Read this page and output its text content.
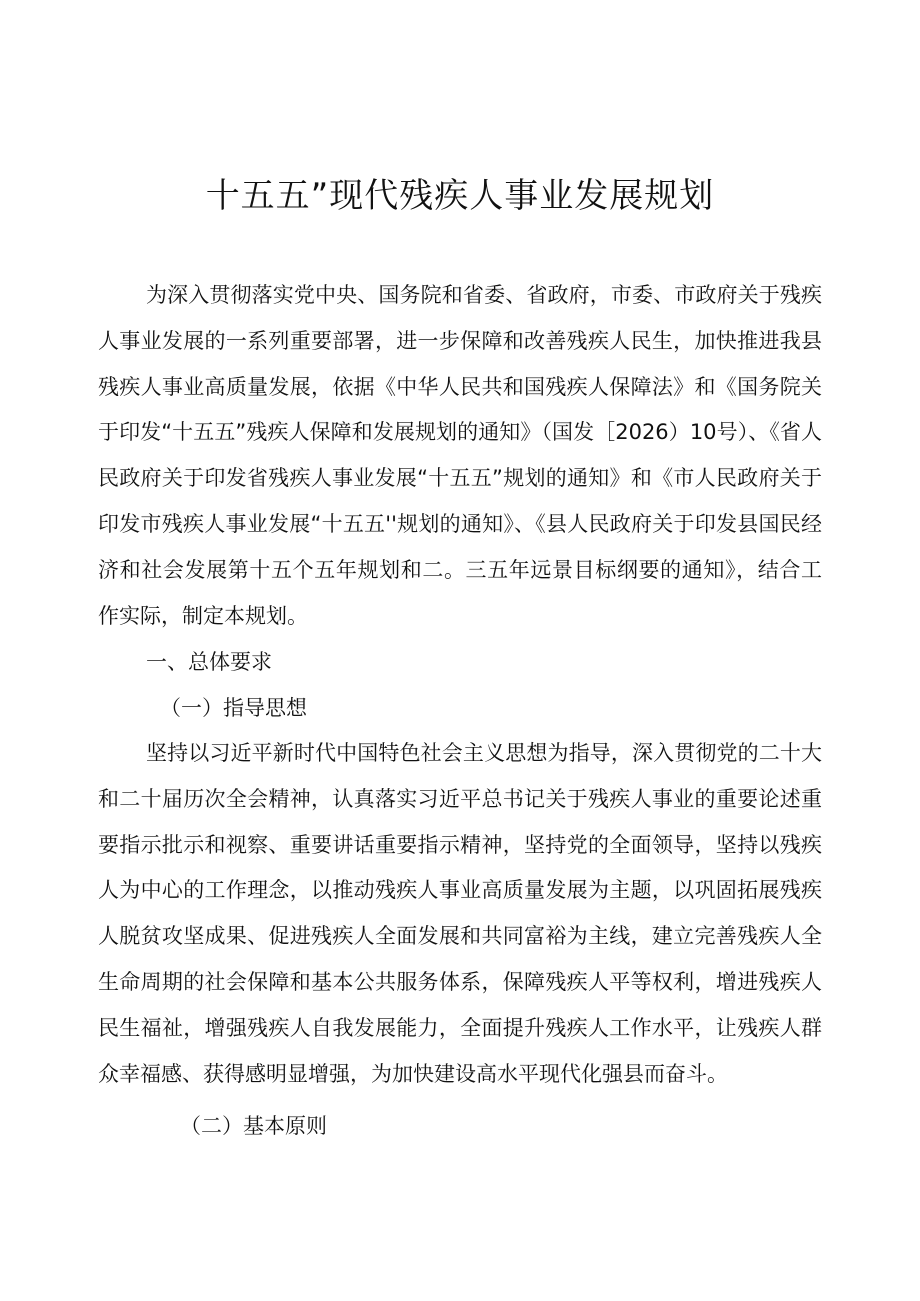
十五五”现代残疾人事业发展规划

为深入贯彻落实党中央、国务院和省委、省政府，市委、市政府关于残疾人事业发展的一系列重要部署，进一步保障和改善残疾人民生，加快推进我县残疾人事业高质量发展，依据《中华人民共和国残疾人保障法》和《国务院关于印发“十五五”残疾人保障和发展规划的通知》（国发［2026）10号）、《省人民政府关于印发省残疾人事业发展“十五五”规划的通知》和《市人民政府关于印发市残疾人事业发展“十五五''规划的通知》、《县人民政府关于印发县国民经济和社会发展第十五个五年规划和二。三五年远景目标纲要的通知》，结合工作实际，制定本规划。

一、总体要求

（一）指导思想

坚持以习近平新时代中国特色社会主义思想为指导，深入贯彻党的二十大和二十届历次全会精神，认真落实习近平总书记关于残疾人事业的重要论述重要指示批示和视察、重要讲话重要指示精神，坚持党的全面领导，坚持以残疾人为中心的工作理念，以推动残疾人事业高质量发展为主题，以巩固拓展残疾人脱贫攻坚成果、促进残疾人全面发展和共同富裕为主线，建立完善残疾人全生命周期的社会保障和基本公共服务体系，保障残疾人平等权利，增进残疾人民生福祉，增强残疾人自我发展能力，全面提升残疾人工作水平，让残疾人群众幸福感、获得感明显增强，为加快建设高水平现代化强县而奋斗。

（二）基本原则
